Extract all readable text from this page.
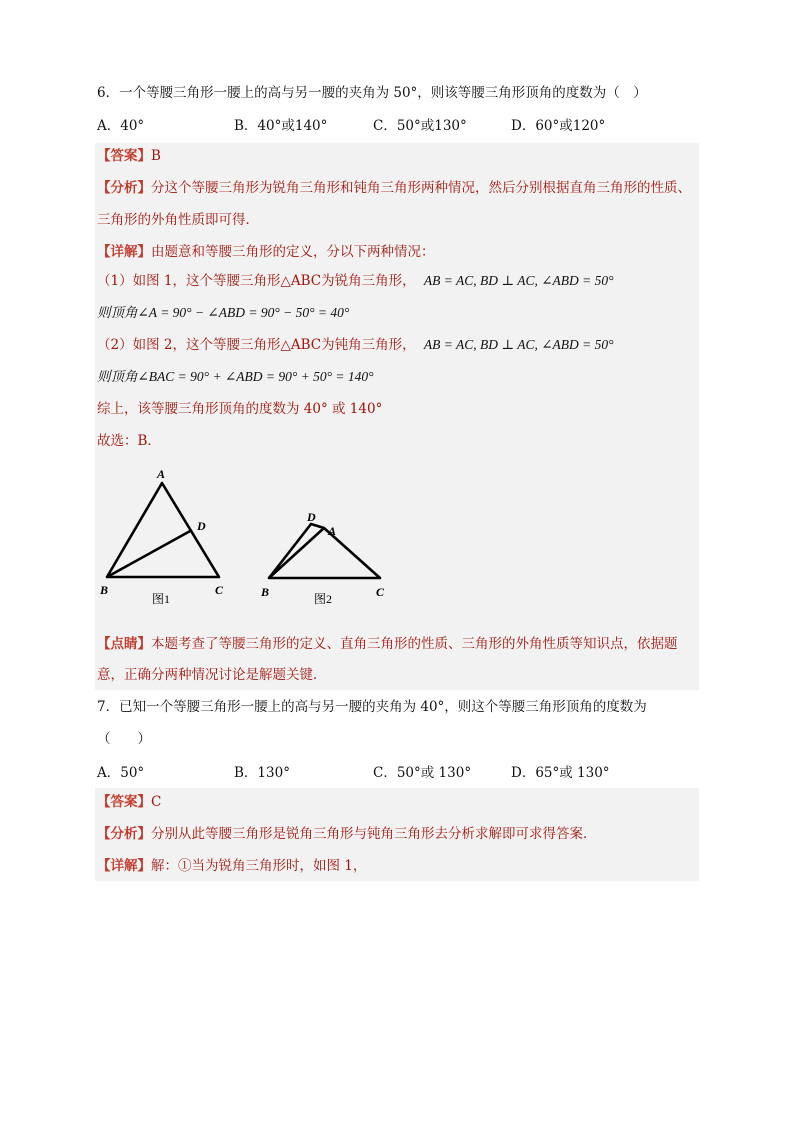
6．一个等腰三角形一腰上的高与另一腰的夹角为 50°，则该等腰三角形顶角的度数为（　）
A．40°	B．40°或140°	C．50°或130°	D．60°或120°
【答案】B
【分析】分这个等腰三角形为锐角三角形和钝角三角形两种情况，然后分别根据直角三角形的性质、
三角形的外角性质即可得．
【详解】由题意和等腰三角形的定义，分以下两种情况：
（1）如图 1，这个等腰三角形△ABC为锐角三角形， AB = AC, BD ⊥ AC, ∠ABD = 50°
则顶角∠A = 90° − ∠ABD = 90° − 50° = 40°
（2）如图 2，这个等腰三角形△ABC为钝角三角形， AB = AC, BD ⊥ AC, ∠ABD = 50°
则顶角∠BAC = 90° + ∠ABD = 90° + 50° = 140°
综上，该等腰三角形顶角的度数为 40° 或 140°
故选：B．
A
D
B	C
图1
D
A
B	C
图2
【点睛】本题考查了等腰三角形的定义、直角三角形的性质、三角形的外角性质等知识点，依据题
意，正确分两种情况讨论是解题关键．
7．已知一个等腰三角形一腰上的高与另一腰的夹角为 40°，则这个等腰三角形顶角的度数为
（　　）
A．50°	B．130°	C．50°或 130°	D．65°或 130°
【答案】C
【分析】分别从此等腰三角形是锐角三角形与钝角三角形去分析求解即可求得答案．
【详解】解：①当为锐角三角形时，如图 1，
